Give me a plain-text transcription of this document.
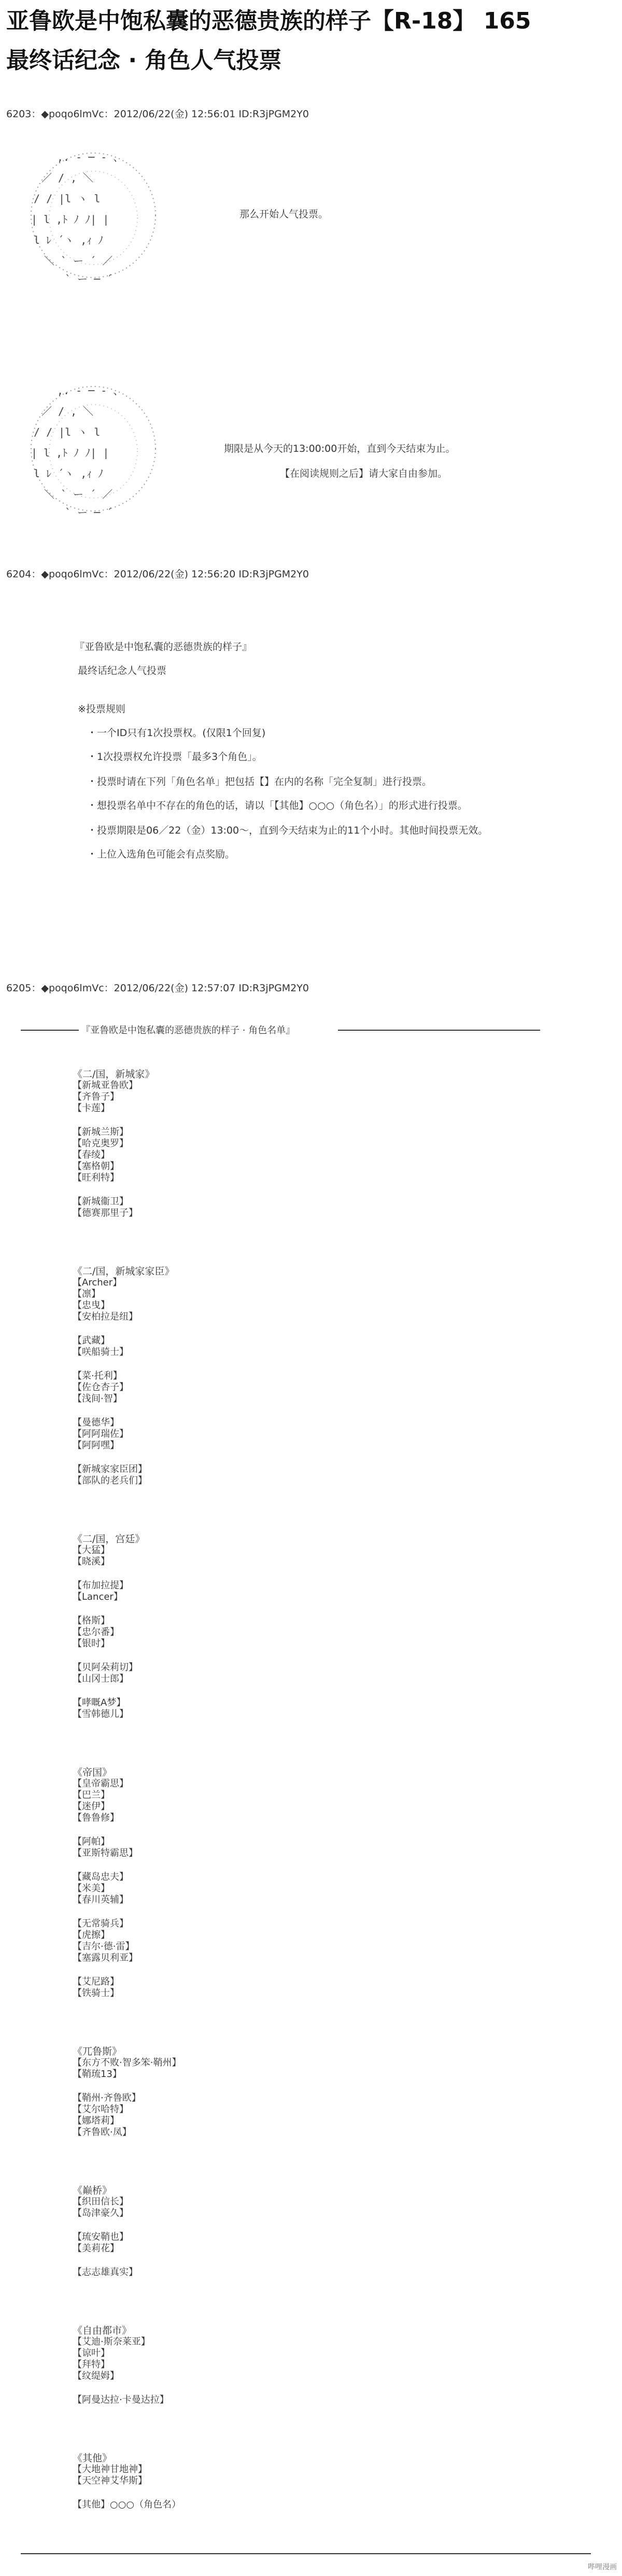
亚鲁欧是中饱私囊的恶德贵族的样子【R-18】 165
最终话纪念 · 角色人气投票
6203：◆poqo6lmVc：2012/06/22(金) 12:56:01 ID:R3jPGM2Y0
,. - ─ - 、
／ / , ＼
/ / |l ヽ l
| l ,ﾄ ﾉ ﾉ| |
l ﾚ ´ヽ ,ｨ ﾉ
＼ ` ー ´ ／
` ー ─ ´
那么开始人气投票。
,. - ─ - 、
／ / , ＼
/ / |l ヽ l
| l ,ﾄ ﾉ ﾉ| |
l ﾚ ´ヽ ,ｨ ﾉ
＼ ` ー ´ ／
` ー ─ ´
期限是从今天的13:00:00开始，直到今天结束为止。
【在阅读规则之后】请大家自由参加。
6204：◆poqo6lmVc：2012/06/22(金) 12:56:20 ID:R3jPGM2Y0
『亚鲁欧是中饱私囊的恶德贵族的样子』
最终话纪念人气投票
※投票规则
・一个ID只有1次投票权。(仅限1个回复)
・1次投票权允许投票「最多3个角色」。
・投票时请在下列「角色名单」把包括【】在内的名称「完全复制」进行投票。
・想投票名单中不存在的角色的话，请以「【其他】○○○（角色名）」的形式进行投票。
・投票期限是06／22（金）13:00～，直到今天结束为止的11个小时。其他时间投票无效。
・上位入选角色可能会有点奖励。
6205：◆poqo6lmVc：2012/06/22(金) 12:57:07 ID:R3jPGM2Y0
『亚鲁欧是中饱私囊的恶德贵族的样子 · 角色名单』
《二/国，新城家》
【新城亚鲁欧】
【齐鲁子】
【卡莲】
【新城兰斯】
【哈克奥罗】
【春绫】
【塞格朝】
【旺利特】
【新城衞卫】
【德赛那里子】
《二/国，新城家家臣》
【Archer】
【凛】
【忠曳】
【安柏拉是纽】
【武藏】
【咲船骑士】
【菜·托利】
【佐仓杏子】
【浅间·智】
【曼德华】
【阿阿瑞佐】
【阿阿嘿】
【新城家家臣团】
【部队的老兵们】
《二/国，宫廷》
【大猛】
【晓溪】
【布加拉提】
【Lancer】
【格斯】
【忠尔番】
【银时】
【贝阿朵莉切】
【山冈士郎】
【哮嘅A梦】
【雪韩德儿】
《帝国》
【皇帝霸思】
【巴兰】
【迷伊】
【鲁鲁修】
【阿帕】
【亚斯特霸思】
【藏岛忠夫】
【米美】
【春川英辅】
【无常骑兵】
【虎擦】
【吉尔·德·雷】
【塞露贝利亚】
【艾尼路】
【铁骑士】
《兀鲁斯》
【东方不败·智多笨·鞘州】
【鞘琉13】
【鞘州·齐鲁欧】
【艾尔哈特】
【娜塔莉】
【齐鲁欧·凤】
《巅桥》
【织田信长】
【岛津豪久】
【琉安鞘也】
【美莉花】
【志志雄真实】
《自由都市》
【艾迪·斯奈莱亚】
【谅叶】
【拜特】
【纹缇姆】
【阿曼达拉·卡曼达拉】
《其他》
【大地神甘地神】
【天空神艾华斯】
【其他】○○○（角色名）
哔哩漫画
